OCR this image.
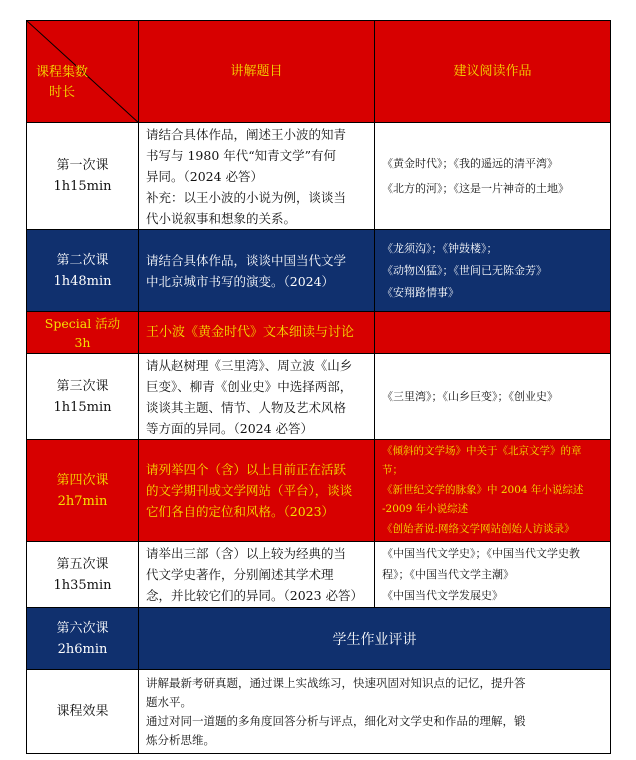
课程集数
时长
讲解题目	建议阅读作品
第一次课
1h15min
请结合具体作品，阐述王小波的知青
书写与 1980 年代“知青文学”有何
异同。（2024 必答）
补充：以王小波的小说为例，谈谈当
代小说叙事和想象的关系。
《黄金时代》；《我的遥远的清平湾》
《北方的河》；《这是一片神奇的土地》
第二次课
1h48min
请结合具体作品，谈谈中国当代文学
中北京城市书写的演变。（2024）
《龙须沟》；《钟鼓楼》；
《动物凶猛》；《世间已无陈金芳》
《安翔路情事》
Special 活动
3h
王小波《黄金时代》文本细读与讨论
第三次课
1h15min
请从赵树理《三里湾》、周立波《山乡
巨变》、柳青《创业史》中选择两部，
谈谈其主题、情节、人物及艺术风格
等方面的异同。（2024 必答）
《三里湾》；《山乡巨变》；《创业史》
第四次课
2h7min
请列举四个（含）以上目前正在活跃
的文学期刊或文学网站（平台），谈谈
它们各自的定位和风格。（2023）
《倾斜的文学场》中关于《北京文学》的章
节；
《新世纪文学的脉象》中 2004 年小说综述
-2009 年小说综述
《创始者说:网络文学网站创始人访谈录》
第五次课
1h35min
请举出三部（含）以上较为经典的当
代文学史著作，分别阐述其学术理
念，并比较它们的异同。（2023 必答）
《中国当代文学史》；《中国当代文学史教
程》；《中国当代文学主潮》
《中国当代文学发展史》
第六次课
2h6min
学生作业评讲
课程效果
讲解最新考研真题，通过课上实战练习，快速巩固对知识点的记忆，提升答
题水平。
通过对同一道题的多角度回答分析与评点，细化对文学史和作品的理解，锻
炼分析思维。
